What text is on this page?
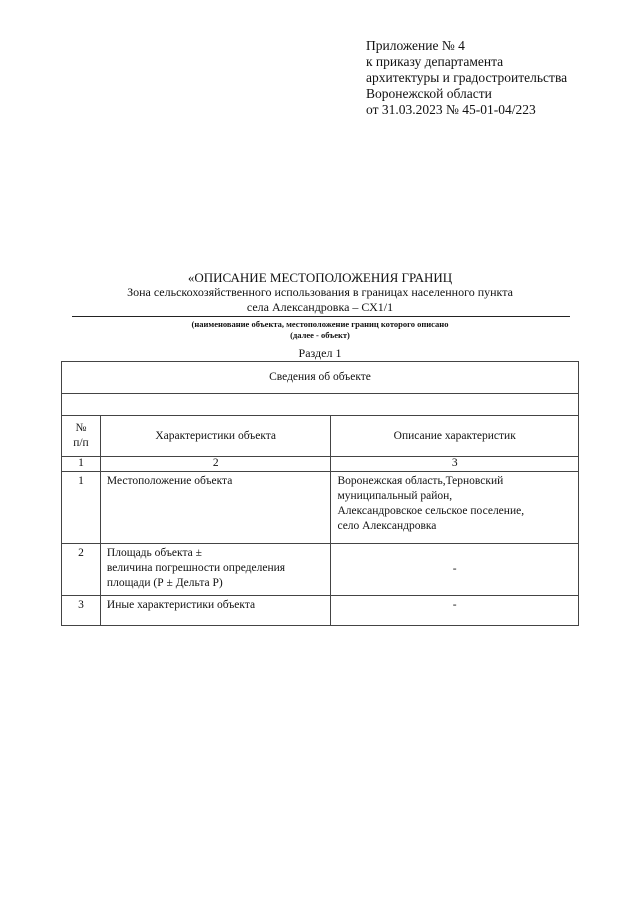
Приложение № 4
к приказу департамента
архитектуры и градостроительства
Воронежской области
от 31.03.2023 № 45-01-04/223
«ОПИСАНИЕ МЕСТОПОЛОЖЕНИЯ ГРАНИЦ
Зона сельскохозяйственного использования в границах населенного пункта
села Александровка – СХ1/1
(наименование объекта, местоположение границ которого описано
(далее - объект)
Раздел 1
Сведения об объекте		

№
п/п	Характеристики объекта	Описание характеристик
1	2	3
1	Местоположение объекта	Воронежская область,Терновский
муниципальный район,
Александровское сельское поселение,
село Александровка

2	Площадь объекта ±
величина погрешности определения
площади (Р ± Дельта Р)	-
3	Иные характеристики объекта	-
